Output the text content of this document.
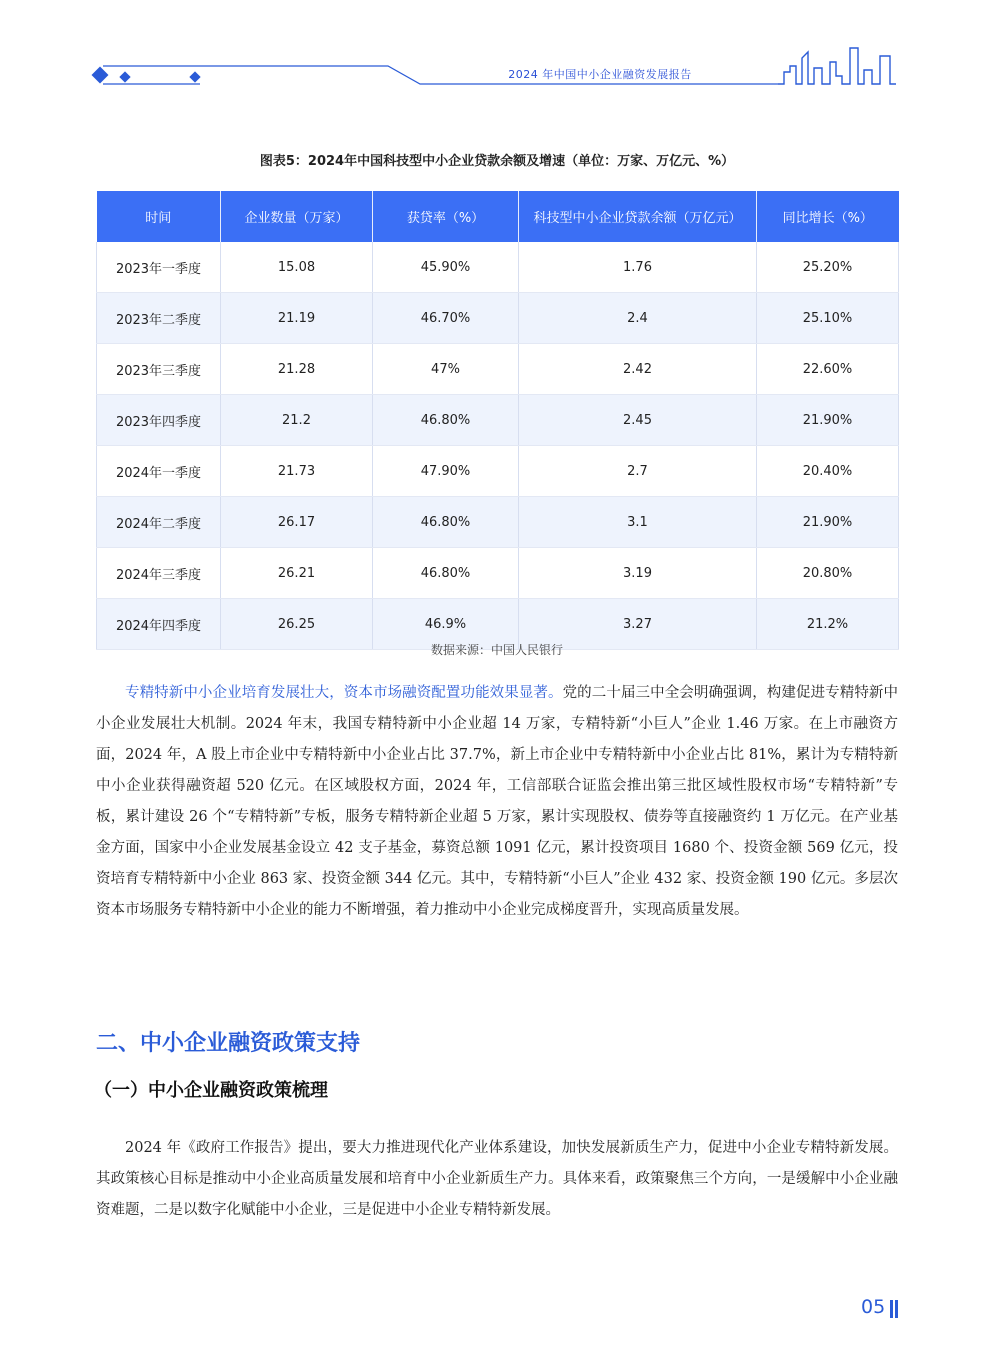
2024 年中国中小企业融资发展报告
图表5：2024年中国科技型中小企业贷款余额及增速（单位：万家、万亿元、%）
时间	企业数量（万家）	获贷率（%）	科技型中小企业贷款余额（万亿元）	同比增长（%）
2023年一季度	15.08	45.90%	1.76	25.20%
2023年二季度	21.19	46.70%	2.4	25.10%
2023年三季度	21.28	47%	2.42	22.60%
2023年四季度	21.2	46.80%	2.45	21.90%
2024年一季度	21.73	47.90%	2.7	20.40%
2024年二季度	26.17	46.80%	3.1	21.90%
2024年三季度	26.21	46.80%	3.19	20.80%
2024年四季度	26.25	46.9%	3.27	21.2%
数据来源：中国人民银行

专精特新中小企业培育发展壮大，资本市场融资配置功能效果显著。党的二十届三中全会明确强调，构建促进专精特新中小企业发展壮大机制。2024 年末，我国专精特新中小企业超 14 万家，专精特新“小巨人”企业 1.46 万家。在上市融资方面，2024 年，A 股上市企业中专精特新中小企业占比 37.7%，新上市企业中专精特新中小企业占比 81%，累计为专精特新中小企业获得融资超 520 亿元。在区域股权方面，2024 年，工信部联合证监会推出第三批区域性股权市场“专精特新”专板，累计建设 26 个“专精特新”专板，服务专精特新企业超 5 万家，累计实现股权、债券等直接融资约 1 万亿元。在产业基金方面，国家中小企业发展基金设立 42 支子基金，募资总额 1091 亿元，累计投资项目 1680 个、投资金额 569 亿元，投资培育专精特新中小企业 863 家、投资金额 344 亿元。其中，专精特新“小巨人”企业 432 家、投资金额 190 亿元。多层次资本市场服务专精特新中小企业的能力不断增强，着力推动中小企业完成梯度晋升，实现高质量发展。

二、中小企业融资政策支持
（一）中小企业融资政策梳理

2024 年《政府工作报告》提出，要大力推进现代化产业体系建设，加快发展新质生产力，促进中小企业专精特新发展。其政策核心目标是推动中小企业高质量发展和培育中小企业新质生产力。具体来看，政策聚焦三个方向，一是缓解中小企业融资难题，二是以数字化赋能中小企业，三是促进中小企业专精特新发展。

05
